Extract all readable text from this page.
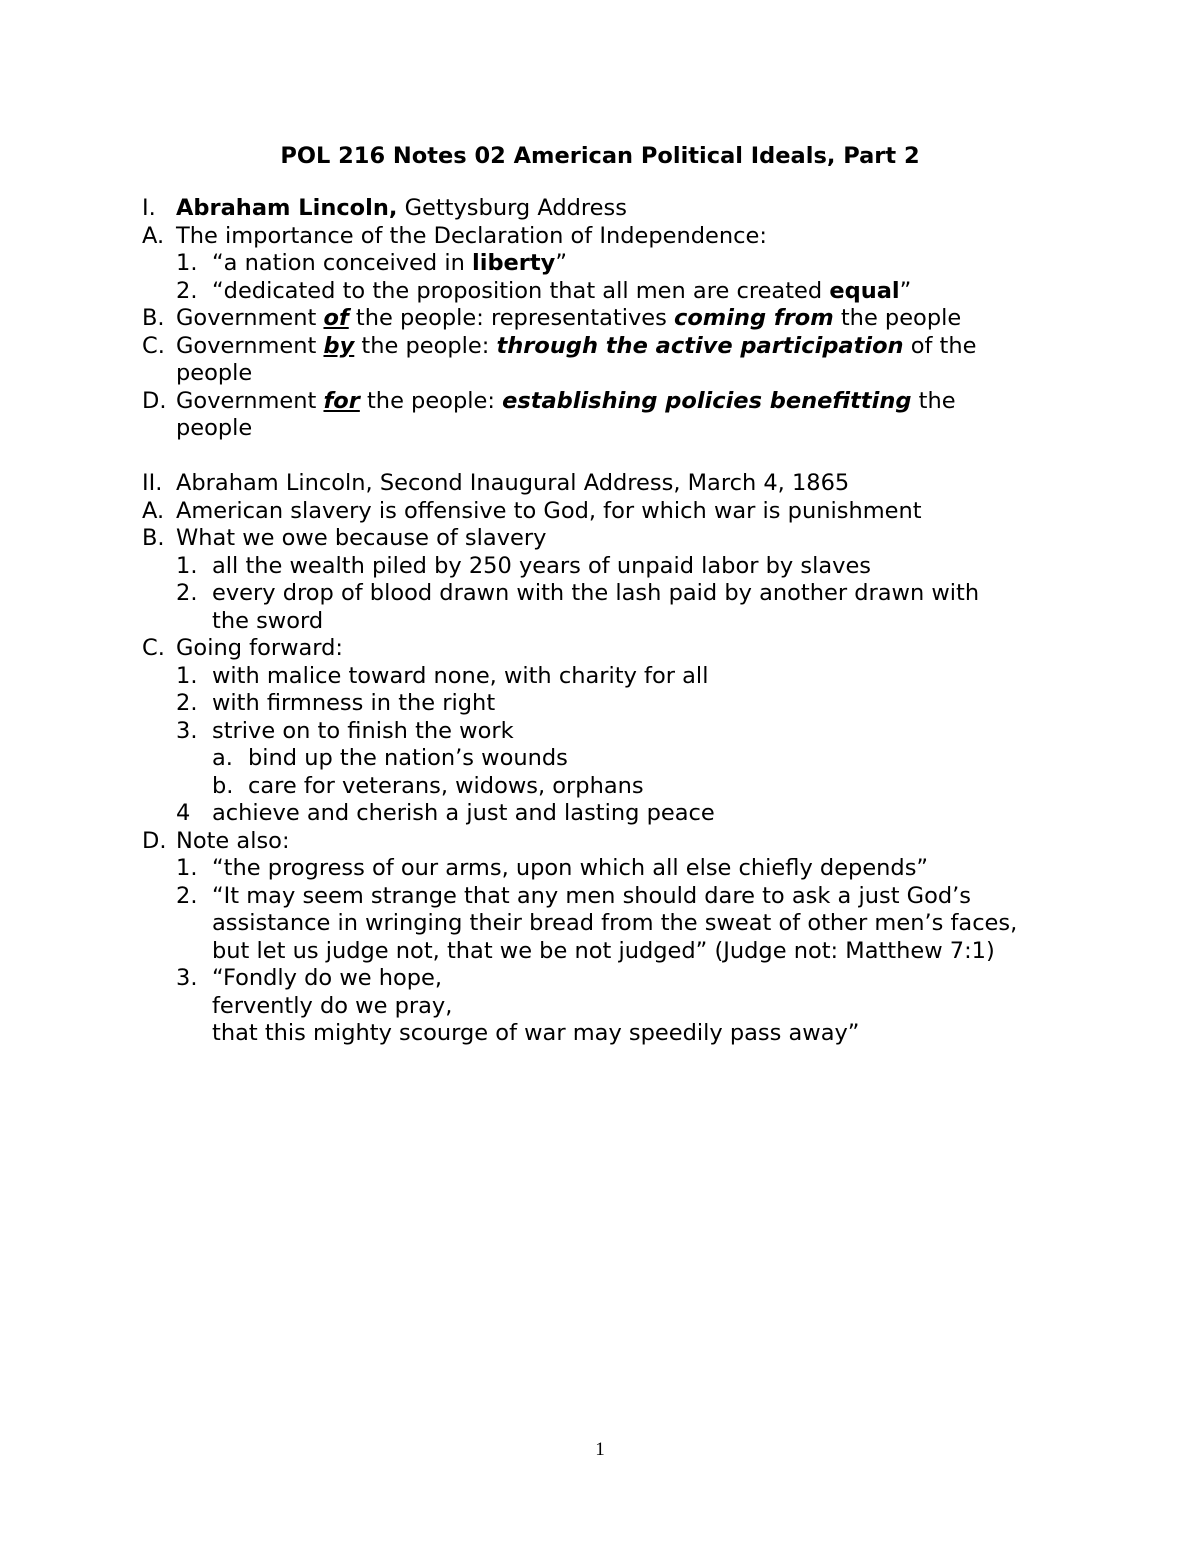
POL 216 Notes 02 American Political Ideals, Part 2
I. Abraham Lincoln, Gettysburg Address
A. The importance of the Declaration of Independence:
1. “a nation conceived in liberty”
2. “dedicated to the proposition that all men are created equal”
B. Government of the people: representatives coming from the people
C. Government by the people: through the active participation of the
people
D. Government for the people: establishing policies benefitting the
people
II. Abraham Lincoln, Second Inaugural Address, March 4, 1865
A. American slavery is offensive to God, for which war is punishment
B. What we owe because of slavery
1. all the wealth piled by 250 years of unpaid labor by slaves
2. every drop of blood drawn with the lash paid by another drawn with
the sword
C. Going forward:
1. with malice toward none, with charity for all
2. with firmness in the right
3. strive on to finish the work
a. bind up the nation’s wounds
b. care for veterans, widows, orphans
4 achieve and cherish a just and lasting peace
D. Note also:
1. “the progress of our arms, upon which all else chiefly depends”
2. “It may seem strange that any men should dare to ask a just God’s
assistance in wringing their bread from the sweat of other men’s faces,
but let us judge not, that we be not judged” (Judge not: Matthew 7:1)
3. “Fondly do we hope,
fervently do we pray,
that this mighty scourge of war may speedily pass away”
1
